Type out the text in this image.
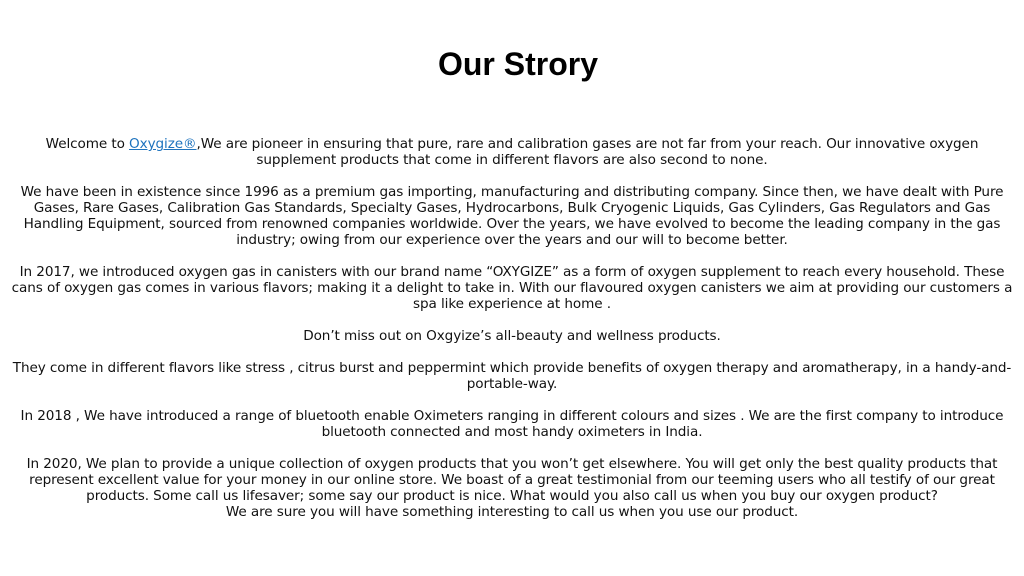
Our Strory

Welcome to Oxygize®,We are pioneer in ensuring that pure, rare and calibration gases are not far from your reach. Our innovative oxygen supplement products that come in different flavors are also second to none.

We have been in existence since 1996 as a premium gas importing, manufacturing and distributing company. Since then, we have dealt with Pure Gases, Rare Gases, Calibration Gas Standards, Specialty Gases, Hydrocarbons, Bulk Cryogenic Liquids, Gas Cylinders, Gas Regulators and Gas Handling Equipment, sourced from renowned companies worldwide. Over the years, we have evolved to become the leading company in the gas industry; owing from our experience over the years and our will to become better.

In 2017, we introduced oxygen gas in canisters with our brand name “OXYGIZE” as a form of oxygen supplement to reach every household. These cans of oxygen gas comes in various flavors; making it a delight to take in. With our flavoured oxygen canisters we aim at providing our customers a spa like experience at home .

Don’t miss out on Oxgyize’s all-beauty and wellness products.

They come in different flavors like stress , citrus burst and peppermint which provide benefits of oxygen therapy and aromatherapy, in a handy-and-portable-way.

In 2018 , We have introduced a range of bluetooth enable Oximeters ranging in different colours and sizes . We are the first company to introduce bluetooth connected and most handy oximeters in India.

In 2020, We plan to provide a unique collection of oxygen products that you won’t get elsewhere. You will get only the best quality products that represent excellent value for your money in our online store. We boast of a great testimonial from our teeming users who all testify of our great products. Some call us lifesaver; some say our product is nice. What would you also call us when you buy our oxygen product?
We are sure you will have something interesting to call us when you use our product.
